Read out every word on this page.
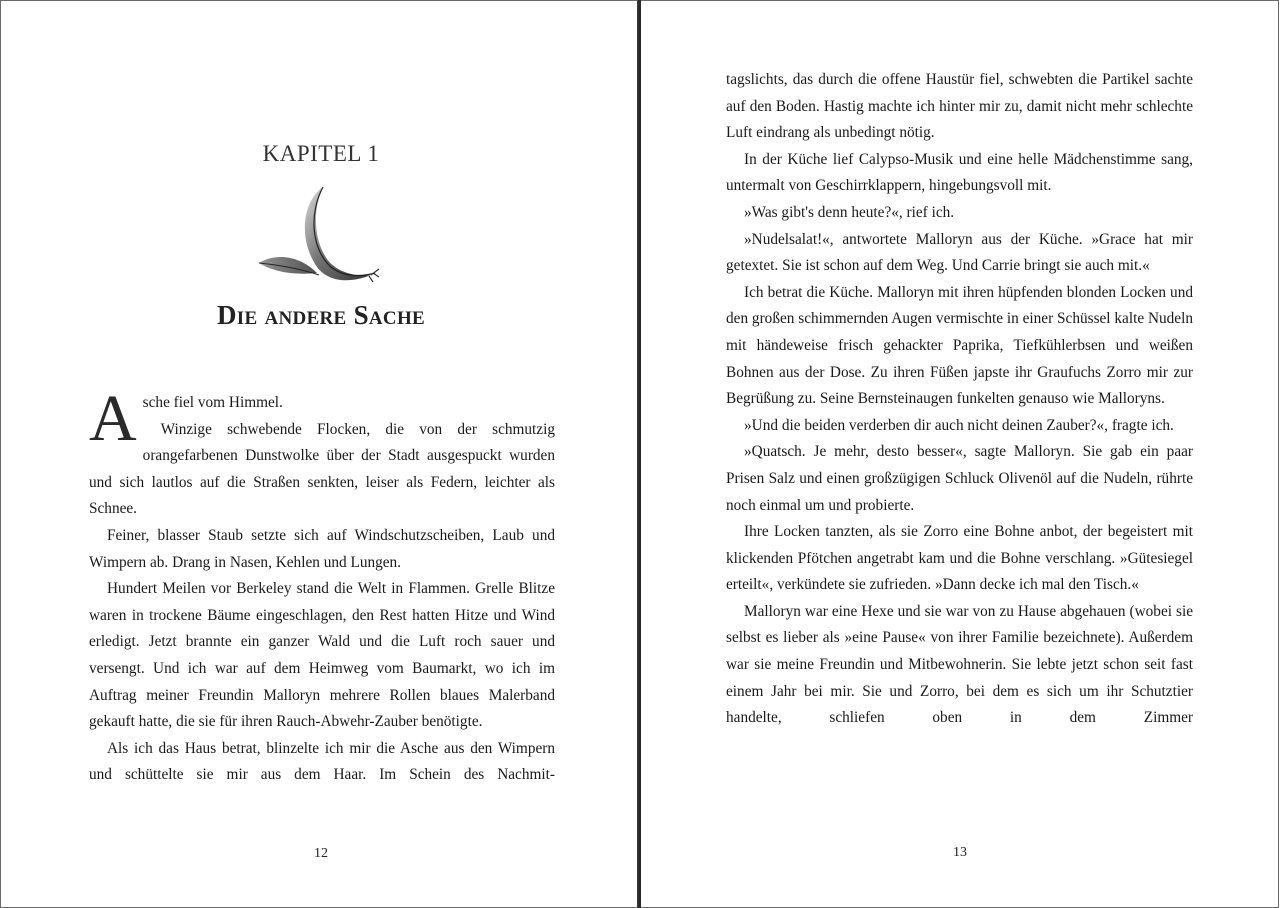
KAPITEL 1
Die andere Sache

Asche fiel vom Himmel.

Winzige schwebende Flocken, die von der schmutzig orangefarbenen Dunstwolke über der Stadt ausgespuckt wurden und sich lautlos auf die Straßen senkten, leiser als Federn, leichter als Schnee.

Feiner, blasser Staub setzte sich auf Windschutzscheiben, Laub und Wimpern ab. Drang in Nasen, Kehlen und Lungen.

Hundert Meilen vor Berkeley stand die Welt in Flammen. Grelle Blitze waren in trockene Bäume eingeschlagen, den Rest hatten Hitze und Wind erledigt. Jetzt brannte ein ganzer Wald und die Luft roch sauer und versengt. Und ich war auf dem Heimweg vom Baumarkt, wo ich im Auftrag meiner Freundin Malloryn mehrere Rollen blaues Malerband gekauft hatte, die sie für ihren Rauch-Abwehr-Zauber benötigte.

Als ich das Haus betrat, blinzelte ich mir die Asche aus den Wimpern und schüttelte sie mir aus dem Haar. Im Schein des Nachmit-

12

tagslichts, das durch die offene Haustür fiel, schwebten die Partikel sachte auf den Boden. Hastig machte ich hinter mir zu, damit nicht mehr schlechte Luft eindrang als unbedingt nötig.

In der Küche lief Calypso-Musik und eine helle Mädchenstimme sang, untermalt von Geschirrklappern, hingebungsvoll mit.

»Was gibt's denn heute?«, rief ich.

»Nudelsalat!«, antwortete Malloryn aus der Küche. »Grace hat mir getextet. Sie ist schon auf dem Weg. Und Carrie bringt sie auch mit.«

Ich betrat die Küche. Malloryn mit ihren hüpfenden blonden Locken und den großen schimmernden Augen vermischte in einer Schüssel kalte Nudeln mit händeweise frisch gehackter Paprika, Tiefkühlerbsen und weißen Bohnen aus der Dose. Zu ihren Füßen japste ihr Graufuchs Zorro mir zur Begrüßung zu. Seine Bernsteinaugen funkelten genauso wie Malloryns.

»Und die beiden verderben dir auch nicht deinen Zauber?«, fragte ich.

»Quatsch. Je mehr, desto besser«, sagte Malloryn. Sie gab ein paar Prisen Salz und einen großzügigen Schluck Olivenöl auf die Nudeln, rührte noch einmal um und probierte.

Ihre Locken tanzten, als sie Zorro eine Bohne anbot, der begeistert mit klickenden Pfötchen angetrabt kam und die Bohne verschlang. »Gütesiegel erteilt«, verkündete sie zufrieden. »Dann decke ich mal den Tisch.«

Malloryn war eine Hexe und sie war von zu Hause abgehauen (wobei sie selbst es lieber als »eine Pause« von ihrer Familie bezeichnete). Außerdem war sie meine Freundin und Mitbewohnerin. Sie lebte jetzt schon seit fast einem Jahr bei mir. Sie und Zorro, bei dem es sich um ihr Schutztier handelte, schliefen oben in dem Zimmer

13
